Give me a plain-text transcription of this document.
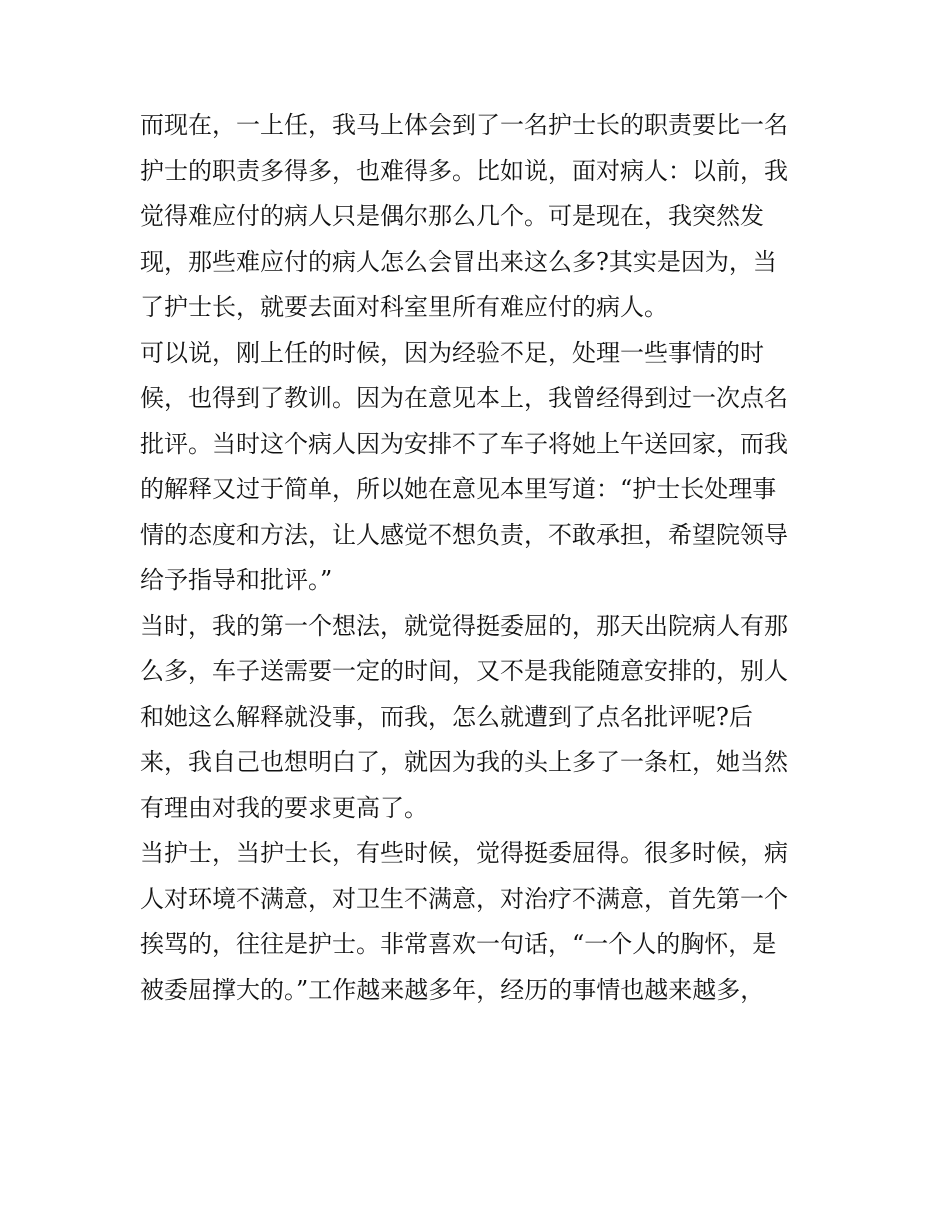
而现在，一上任，我马上体会到了一名护士长的职责要比一名
护士的职责多得多，也难得多。比如说，面对病人：以前，我
觉得难应付的病人只是偶尔那么几个。可是现在，我突然发
现，那些难应付的病人怎么会冒出来这么多?其实是因为，当
了护士长，就要去面对科室里所有难应付的病人。
可以说，刚上任的时候，因为经验不足，处理一些事情的时
候，也得到了教训。因为在意见本上，我曾经得到过一次点名
批评。当时这个病人因为安排不了车子将她上午送回家，而我
的解释又过于简单，所以她在意见本里写道：“护士长处理事
情的态度和方法，让人感觉不想负责，不敢承担，希望院领导
给予指导和批评。”
当时，我的第一个想法，就觉得挺委屈的，那天出院病人有那
么多，车子送需要一定的时间，又不是我能随意安排的，别人
和她这么解释就没事，而我，怎么就遭到了点名批评呢?后
来，我自己也想明白了，就因为我的头上多了一条杠，她当然
有理由对我的要求更高了。
当护士，当护士长，有些时候，觉得挺委屈得。很多时候，病
人对环境不满意，对卫生不满意，对治疗不满意，首先第一个
挨骂的，往往是护士。非常喜欢一句话，“一个人的胸怀，是
被委屈撑大的。”工作越来越多年，经历的事情也越来越多，
